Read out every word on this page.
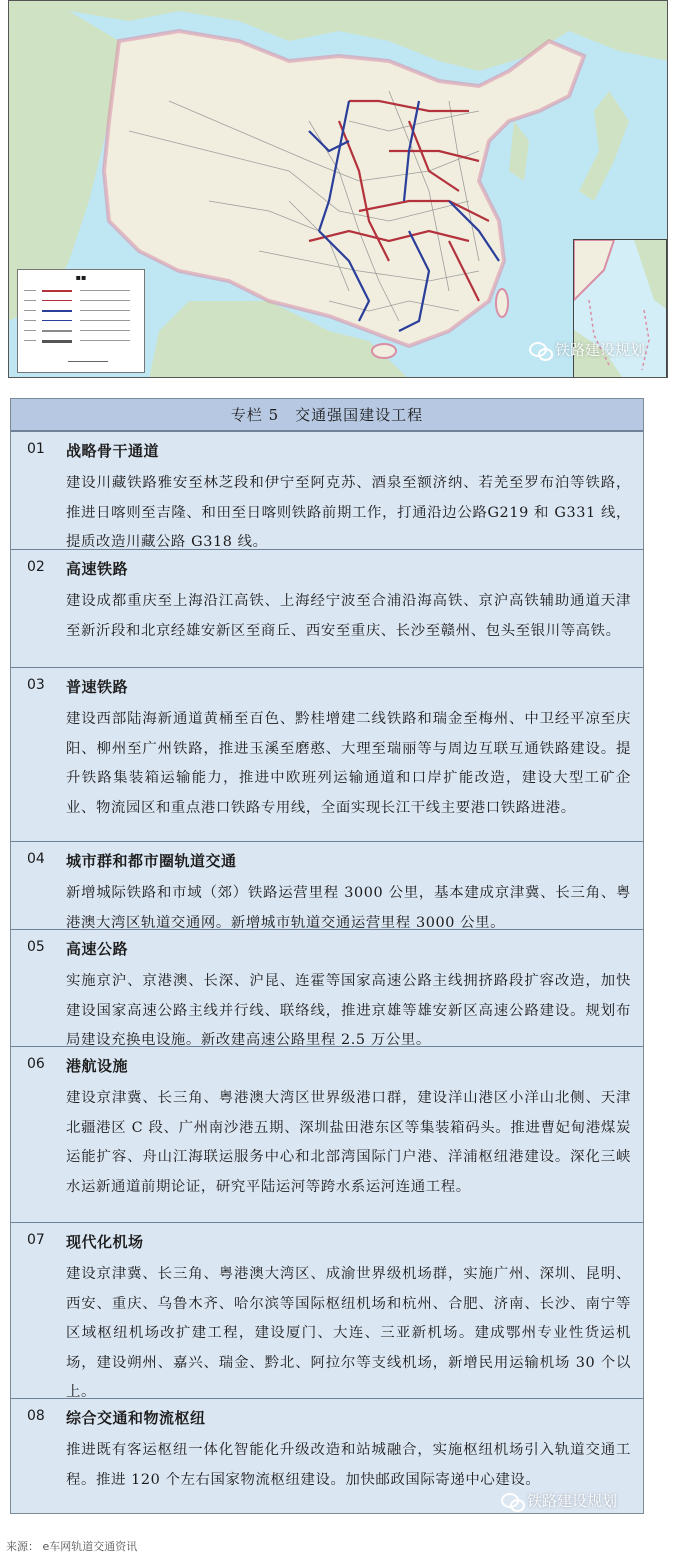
▪▪
铁路建设规划
专栏 5　交通强国建设工程
01 战略骨干通道
建设川藏铁路雅安至林芝段和伊宁至阿克苏、酒泉至额济纳、若羌至罗布泊等铁路，推进日喀则至吉隆、和田至日喀则铁路前期工作，打通沿边公路G219 和 G331 线，提质改造川藏公路 G318 线。
02 高速铁路
建设成都重庆至上海沿江高铁、上海经宁波至合浦沿海高铁、京沪高铁辅助通道天津至新沂段和北京经雄安新区至商丘、西安至重庆、长沙至赣州、包头至银川等高铁。
03 普速铁路
建设西部陆海新通道黄桶至百色、黔桂增建二线铁路和瑞金至梅州、中卫经平凉至庆阳、柳州至广州铁路，推进玉溪至磨憨、大理至瑞丽等与周边互联互通铁路建设。提升铁路集装箱运输能力，推进中欧班列运输通道和口岸扩能改造，建设大型工矿企业、物流园区和重点港口铁路专用线，全面实现长江干线主要港口铁路进港。
04 城市群和都市圈轨道交通
新增城际铁路和市域（郊）铁路运营里程 3000 公里，基本建成京津冀、长三角、粤港澳大湾区轨道交通网。新增城市轨道交通运营里程 3000 公里。
05 高速公路
实施京沪、京港澳、长深、沪昆、连霍等国家高速公路主线拥挤路段扩容改造，加快建设国家高速公路主线并行线、联络线，推进京雄等雄安新区高速公路建设。规划布局建设充换电设施。新改建高速公路里程 2.5 万公里。
06 港航设施
建设京津冀、长三角、粤港澳大湾区世界级港口群，建设洋山港区小洋山北侧、天津北疆港区 C 段、广州南沙港五期、深圳盐田港东区等集装箱码头。推进曹妃甸港煤炭运能扩容、舟山江海联运服务中心和北部湾国际门户港、洋浦枢纽港建设。深化三峡水运新通道前期论证，研究平陆运河等跨水系运河连通工程。
07 现代化机场
建设京津冀、长三角、粤港澳大湾区、成渝世界级机场群，实施广州、深圳、昆明、西安、重庆、乌鲁木齐、哈尔滨等国际枢纽机场和杭州、合肥、济南、长沙、南宁等区域枢纽机场改扩建工程，建设厦门、大连、三亚新机场。建成鄂州专业性货运机场，建设朔州、嘉兴、瑞金、黔北、阿拉尔等支线机场，新增民用运输机场 30 个以上。
08 综合交通和物流枢纽
推进既有客运枢纽一体化智能化升级改造和站城融合，实施枢纽机场引入轨道交通工程。推进 120 个左右国家物流枢纽建设。加快邮政国际寄递中心建设。
铁路建设规划
来源： e车网轨道交通资讯
